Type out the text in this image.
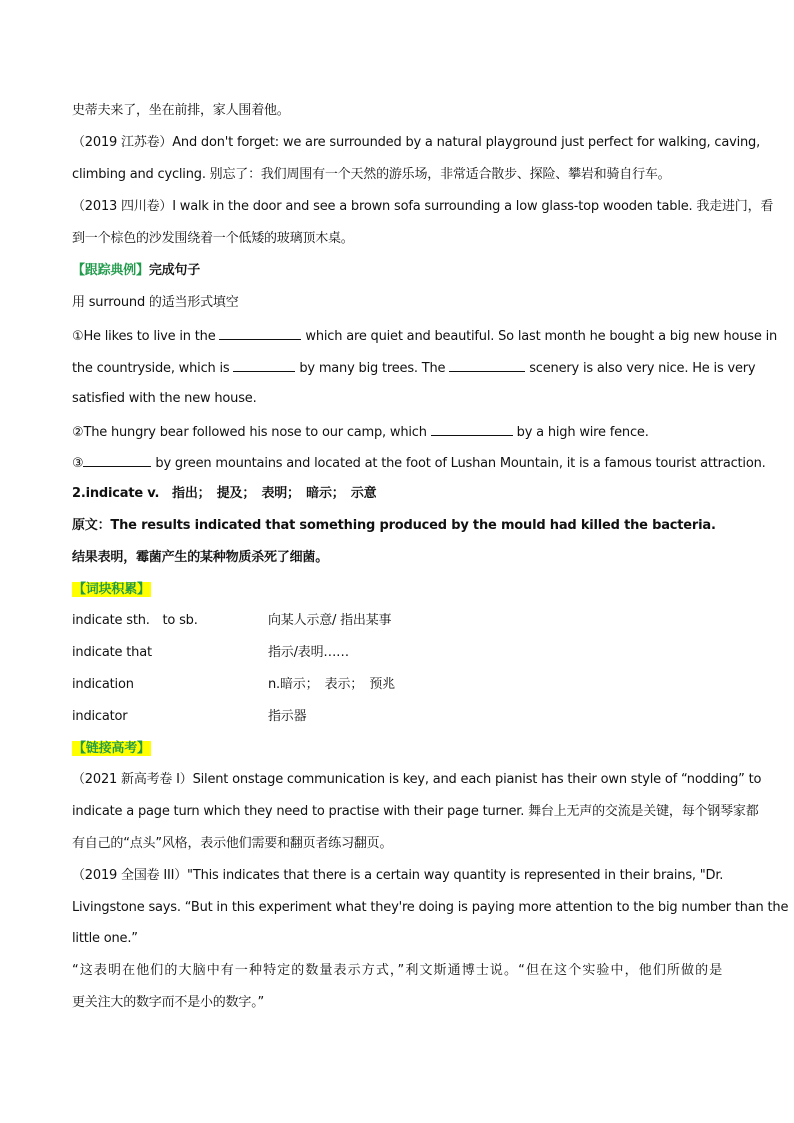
史蒂夫来了，坐在前排，家人围着他。
（2019 江苏卷）And don't forget: we are surrounded by a natural playground just perfect for walking, caving,
climbing and cycling. 别忘了：我们周围有一个天然的游乐场，非常适合散步、探险、攀岩和骑自行车。
（2013 四川卷）I walk in the door and see a brown sofa surrounding a low glass-top wooden table. 我走进门，看
到一个棕色的沙发围绕着一个低矮的玻璃顶木桌。
【跟踪典例】完成句子
用 surround 的适当形式填空
①He likes to live in the	which are quiet and beautiful. So last month he bought a big new house in
the countryside, which is	by many big trees. The	scenery is also very nice. He is very
satisfied with the new house.
②The hungry bear followed his nose to our camp, which	by a high wire fence.
③	by green mountains and located at the foot of Lushan Mountain, it is a famous tourist attraction.
2.indicate v.　指出；　提及；　表明；　暗示；　示意
原文：The results indicated that something produced by the mould had killed the bacteria.
结果表明，霉菌产生的某种物质杀死了细菌。
【词块积累】
indicate sth.　to sb.	向某人示意/ 指出某事
indicate that	指示/表明……
indication	n.暗示；　表示；　预兆
indicator	指示器
【链接高考】
（2021 新高考卷 I）Silent onstage communication is key, and each pianist has their own style of “nodding” to
indicate a page turn which they need to practise with their page turner. 舞台上无声的交流是关键，每个钢琴家都
有自己的“点头”风格，表示他们需要和翻页者练习翻页。
（2019 全国卷 III）"This indicates that there is a certain way quantity is represented in their brains, "Dr.
Livingstone says. “But in this experiment what they're doing is paying more attention to the big number than the
little one.”
“这表明在他们的大脑中有一种特定的数量表示方式，”利文斯通博士说。“但在这个实验中，他们所做的是
更关注大的数字而不是小的数字。”
